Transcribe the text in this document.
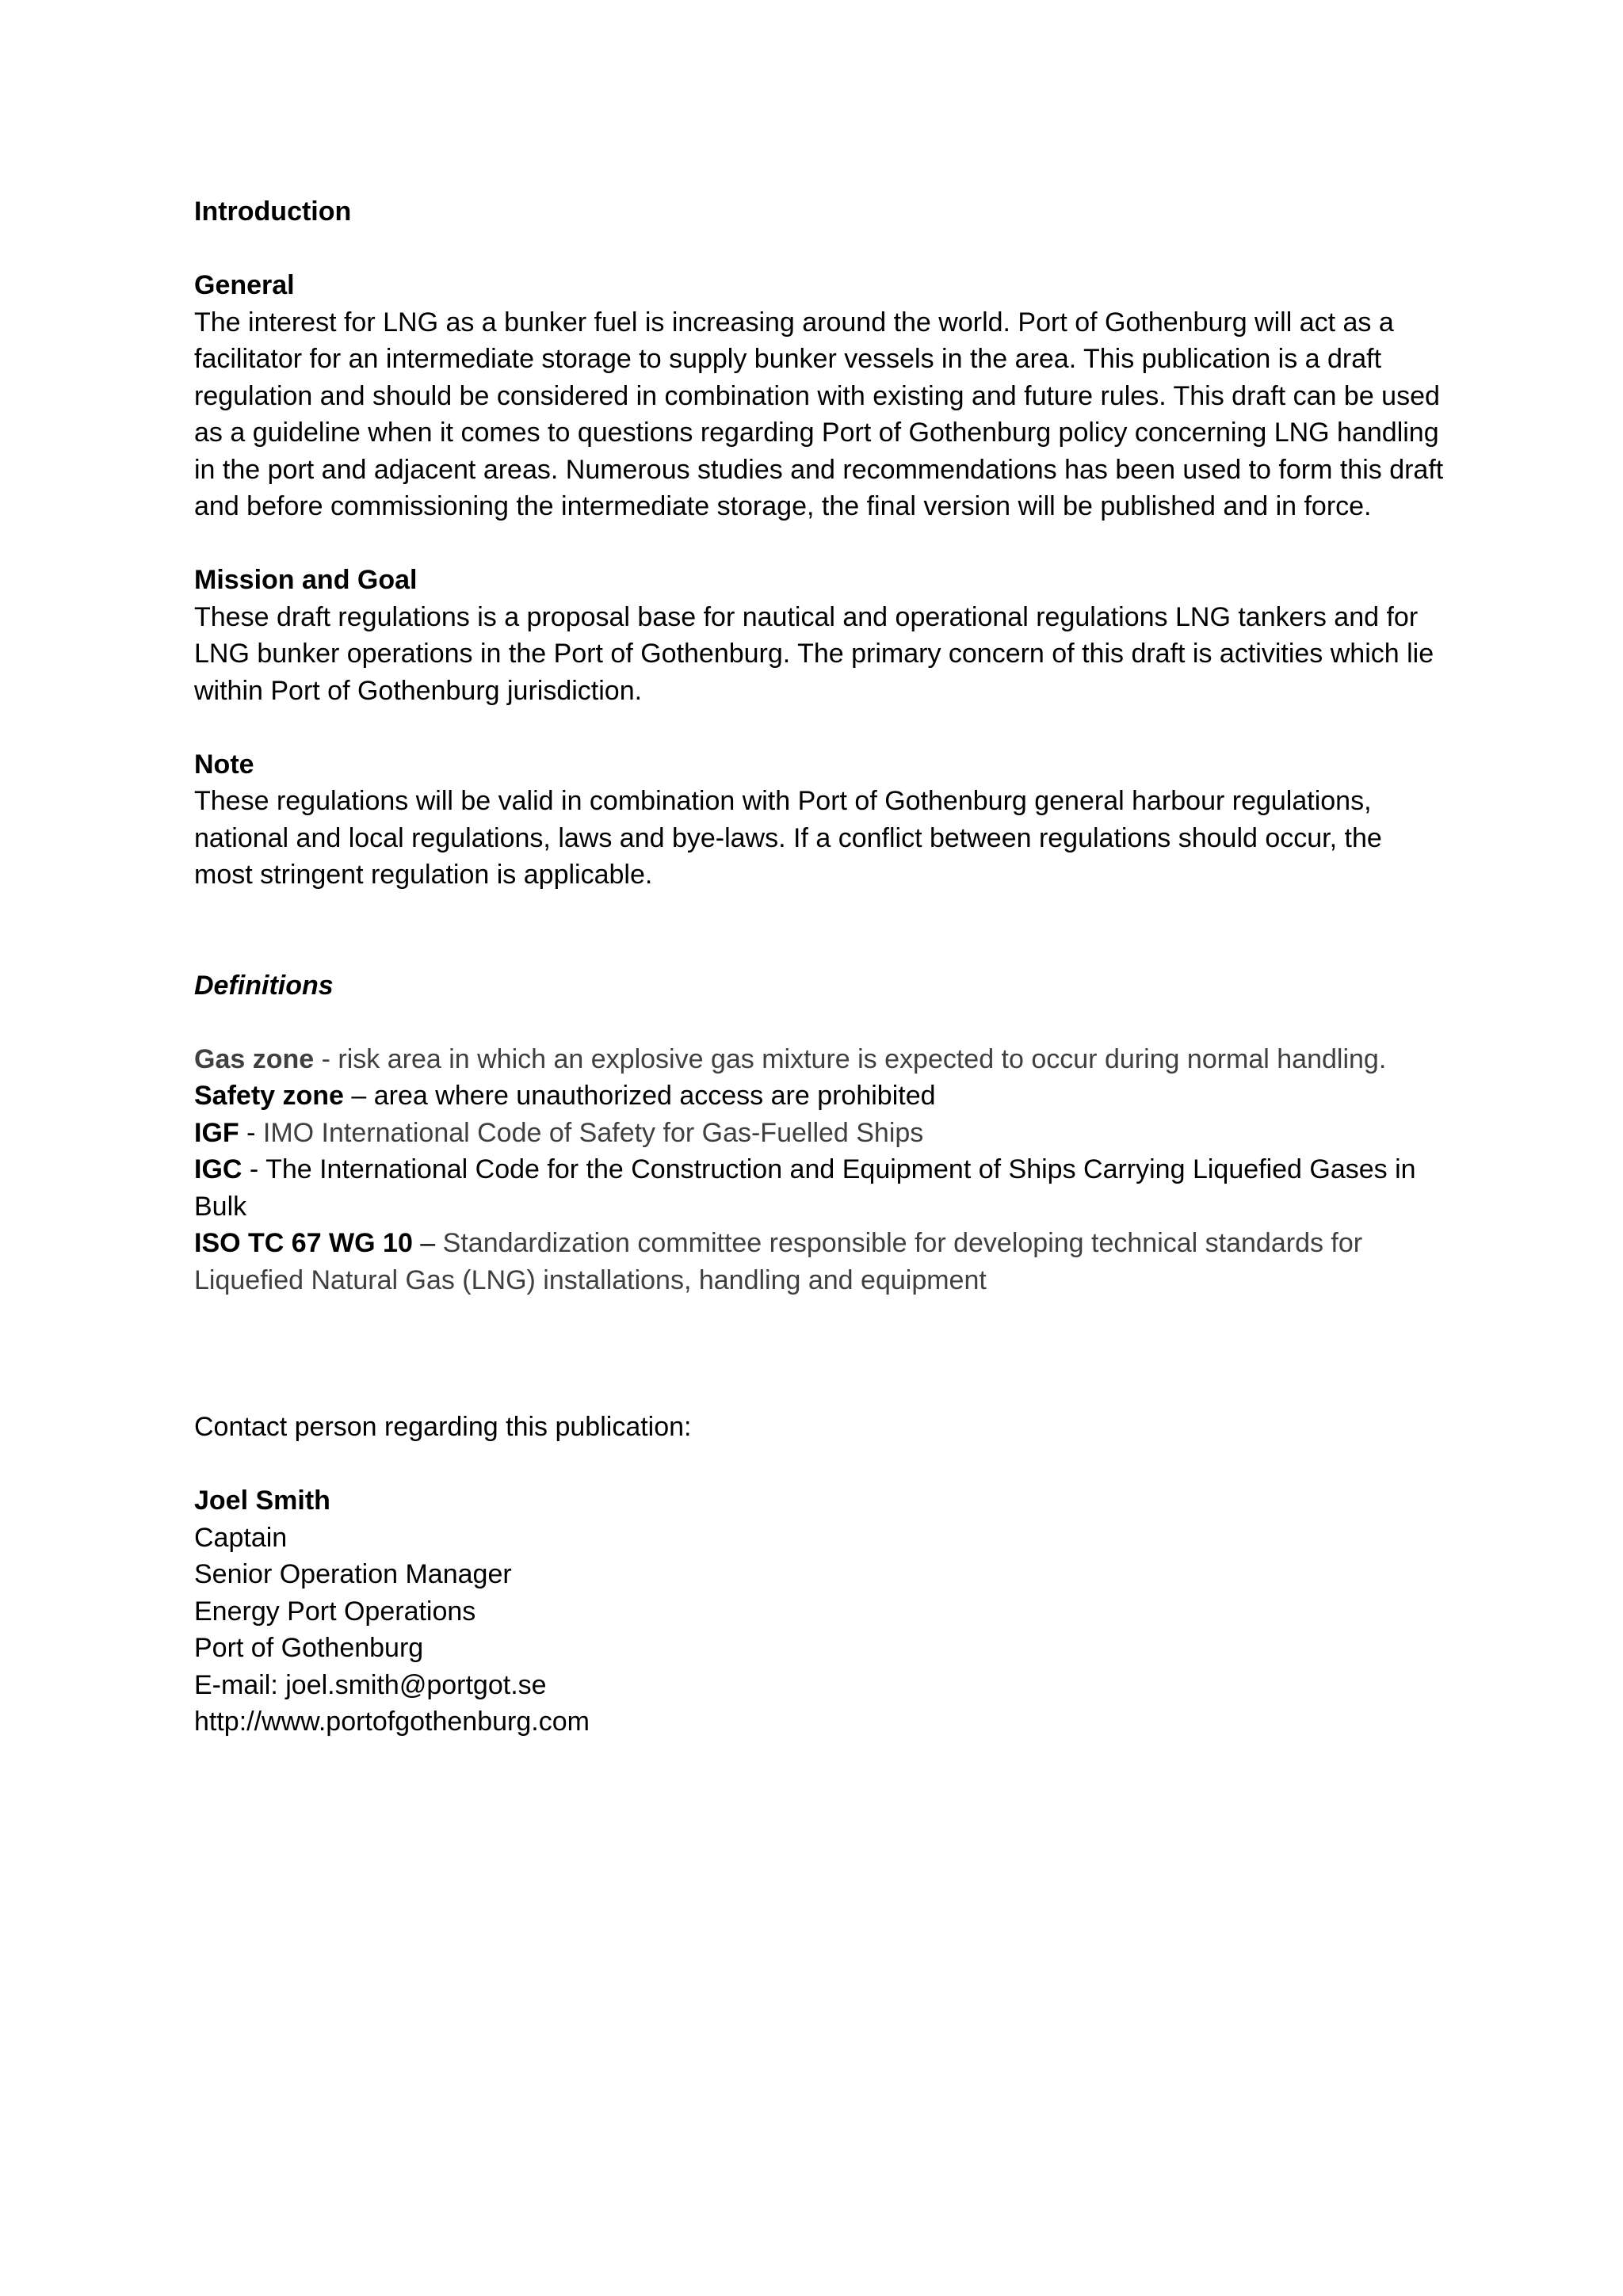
Introduction

General

The interest for LNG as a bunker fuel is increasing around the world. Port of Gothenburg will act as a facilitator for an intermediate storage to supply bunker vessels in the area. This publication is a draft regulation and should be considered in combination with existing and future rules. This draft can be used as a guideline when it comes to questions regarding Port of Gothenburg policy concerning LNG handling in the port and adjacent areas. Numerous studies and recommendations has been used to form this draft and before commissioning the intermediate storage, the final version will be published and in force.

Mission and Goal

These draft regulations is a proposal base for nautical and operational regulations LNG tankers and for LNG bunker operations in the Port of Gothenburg. The primary concern of this draft is activities which lie within Port of Gothenburg jurisdiction.

Note

These regulations will be valid in combination with Port of Gothenburg general harbour regulations, national and local regulations, laws and bye-laws. If a conflict between regulations should occur, the most stringent regulation is applicable.

Definitions

Gas zone - risk area in which an explosive gas mixture is expected to occur during normal handling.

Safety zone – area where unauthorized access are prohibited

IGF - IMO International Code of Safety for Gas-Fuelled Ships

IGC - The International Code for the Construction and Equipment of Ships Carrying Liquefied Gases in Bulk

ISO TC 67 WG 10 – Standardization committee responsible for developing technical standards for Liquefied Natural Gas (LNG) installations, handling and equipment

Contact person regarding this publication:

Joel Smith

Captain

Senior Operation Manager

Energy Port Operations

Port of Gothenburg

E-mail: joel.smith@portgot.se

http://www.portofgothenburg.com
